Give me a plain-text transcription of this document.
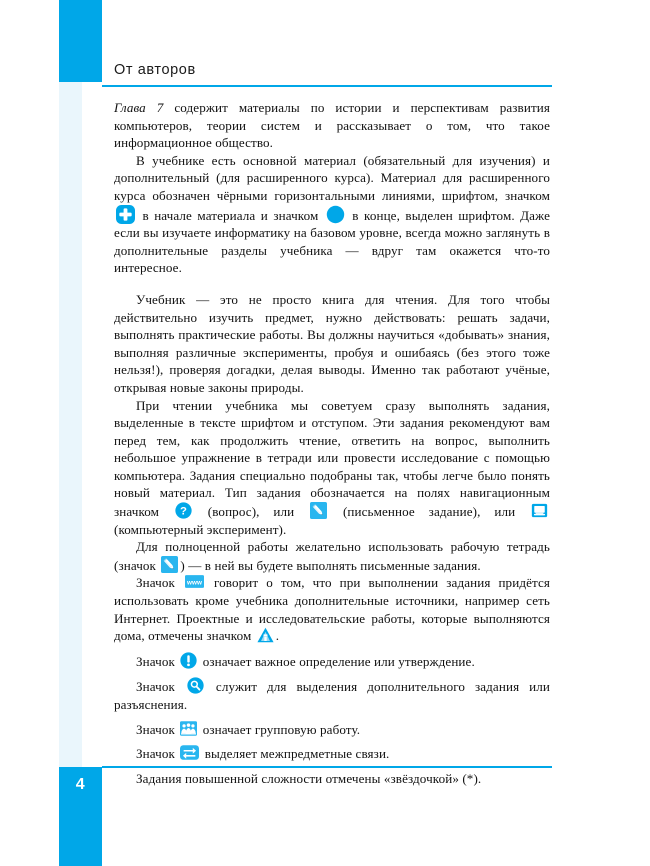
От авторов
4

Глава 7 содержит материалы по истории и перспективам развития компьютеров, теории систем и рассказывает о том, что такое информационное общество.

В учебнике есть основной материал (обязательный для изучения) и дополнительный (для расширенного курса). Материал для расширенного курса обозначен чёрными горизонтальными линиями, шрифтом, значком
в начале материала и значком	в конце, выделен шрифтом. Даже если вы изучаете информатику на базовом уровне, всегда можно заглянуть в дополнительные разделы учебника — вдруг там окажется что-то интересное.

Учебник — это не просто книга для чтения. Для того чтобы действительно изучить предмет, нужно действовать: решать задачи, выполнять практические работы. Вы должны научиться «добывать» знания, выполняя различные эксперименты, пробуя и ошибаясь (без этого тоже нельзя!), проверяя догадки, делая выводы. Именно так работают учёные, открывая новые законы природы.

При чтении учебника мы советуем сразу выполнять задания, выделенные в тексте шрифтом и отступом. Эти задания рекомендуют вам перед тем, как продолжить чтение, ответить на вопрос, выполнить небольшое упражнение в тетради или провести исследование с помощью компьютера. Задания специально подобраны так, чтобы легче было понять новый материал. Тип задания обозначается на полях навигационным значком ? (вопрос), или	(письменное задание), или
(компьютерный эксперимент).

Для полноценной работы желательно использовать рабочую тетрадь (значок ) — в ней вы будете выполнять письменные задания.

Значок www говорит о том, что при выполнении задания придётся использовать кроме учебника дополнительные источники, например сеть Интернет. Проектные и исследовательские работы, которые выполняются дома, отмечены значком .

Значок означает важное определение или утверждение.

Значок	служит для выделения дополнительного задания или разъяснения.

Значок означает групповую работу.

Значок выделяет межпредметные связи.

Задания повышенной сложности отмечены «звёздочкой» (*).
